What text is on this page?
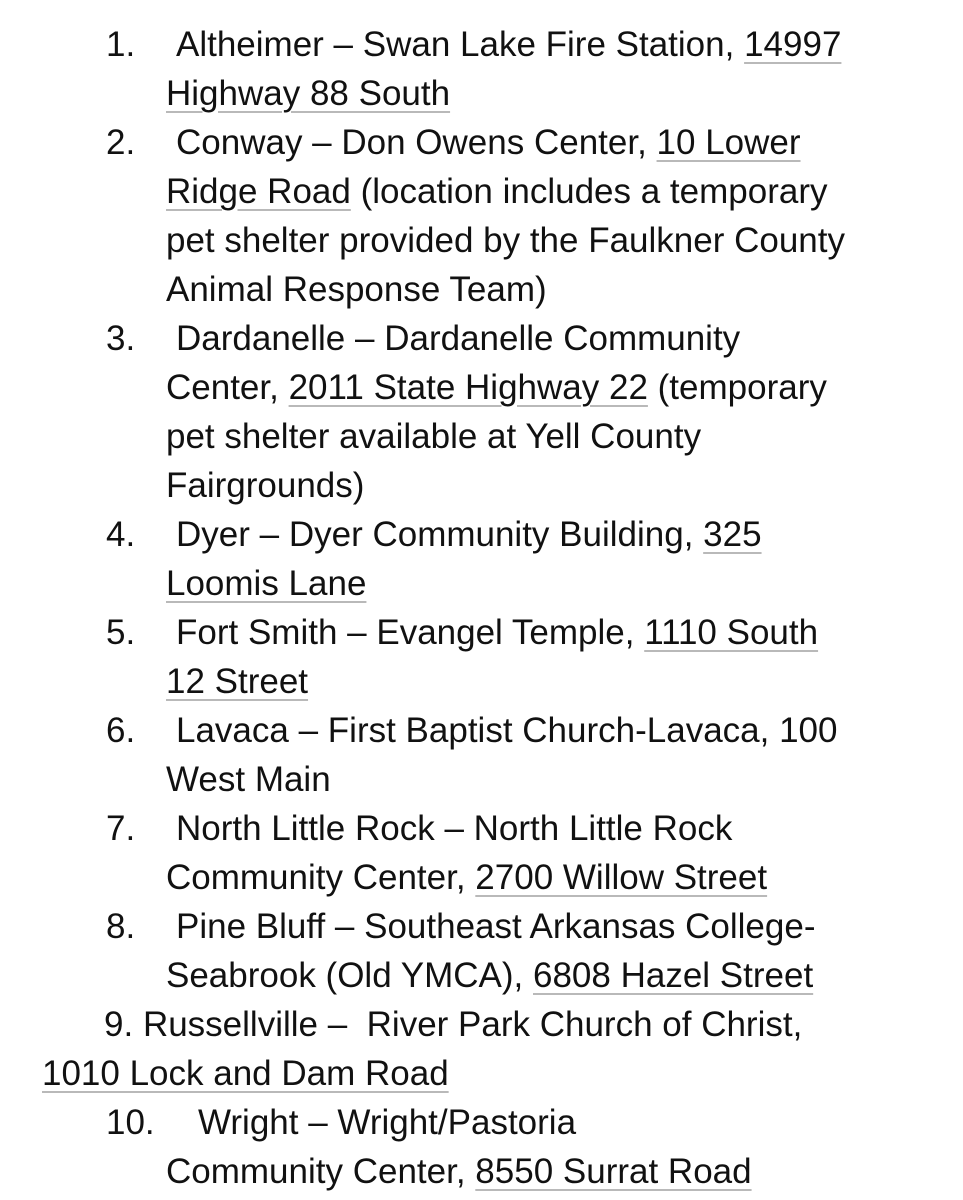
1. Altheimer – Swan Lake Fire Station, 14997
Highway 88 South
2. Conway – Don Owens Center, 10 Lower
Ridge Road (location includes a temporary
pet shelter provided by the Faulkner County
Animal Response Team)
3. Dardanelle – Dardanelle Community
Center, 2011 State Highway 22 (temporary
pet shelter available at Yell County
Fairgrounds)
4. Dyer – Dyer Community Building, 325
Loomis Lane
5. Fort Smith – Evangel Temple, 1110 South
12 Street
6. Lavaca – First Baptist Church-Lavaca, 100
West Main
7. North Little Rock – North Little Rock
Community Center, 2700 Willow Street
8. Pine Bluff – Southeast Arkansas College-
Seabrook (Old YMCA), 6808 Hazel Street
9. Russellville –  River Park Church of Christ,
1010 Lock and Dam Road
10. Wright – Wright/Pastoria
Community Center, 8550 Surrat Road
